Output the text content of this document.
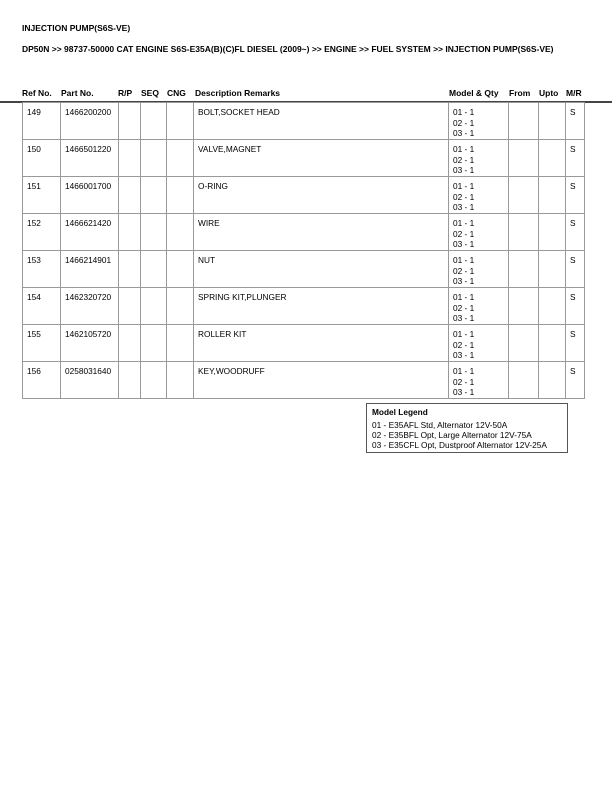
INJECTION PUMP(S6S-VE)
DP50N >> 98737-50000 CAT ENGINE S6S-E35A(B)(C)FL DIESEL (2009~) >> ENGINE >> FUEL SYSTEM >> INJECTION PUMP(S6S-VE)
Ref No. Part No.	R/P SEQ CNG Description Remarks	Model & Qty From Upto M/R
149	1466200200				BOLT,SOCKET HEAD	01 - 1
02 - 1
03 - 1			S
150	1466501220				VALVE,MAGNET	01 - 1
02 - 1
03 - 1			S
151	1466001700				O-RING	01 - 1
02 - 1
03 - 1			S
152	1466621420				WIRE	01 - 1
02 - 1
03 - 1			S
153	1466214901				NUT	01 - 1
02 - 1
03 - 1			S
154	1462320720				SPRING KIT,PLUNGER	01 - 1
02 - 1
03 - 1			S
155	1462105720				ROLLER KIT	01 - 1
02 - 1
03 - 1			S
156	0258031640				KEY,WOODRUFF	01 - 1
02 - 1
03 - 1			S
Model Legend
01 - E35AFL Std, Alternator 12V-50A
02 - E35BFL Opt, Large Alternator 12V-75A
03 - E35CFL Opt, Dustproof Alternator 12V-25A
